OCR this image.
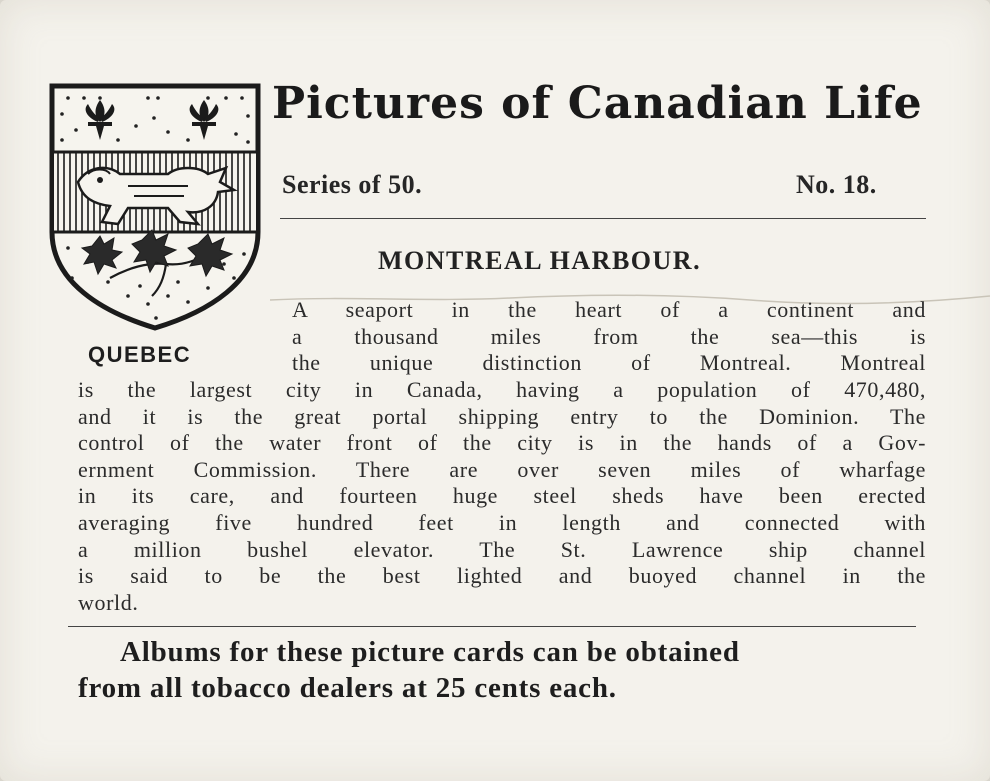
QUEBEC
Pictures of Canadian Life
Series of 50.	No. 18.
MONTREAL HARBOUR.
A seaport in the heart of a continent and
a thousand miles from the sea—this is
the unique distinction of Montreal. Montreal
is the largest city in Canada, having a population of 470,480,
and it is the great portal shipping entry to the Dominion. The
control of the water front of the city is in the hands of a Gov-
ernment Commission. There are over seven miles of wharfage
in its care, and fourteen huge steel sheds have been erected
averaging five hundred feet in length and connected with
a million bushel elevator. The St. Lawrence ship channel
is said to be the best lighted and buoyed channel in the
world.
Albums for these picture cards can be obtained
from all tobacco dealers at 25 cents each.
